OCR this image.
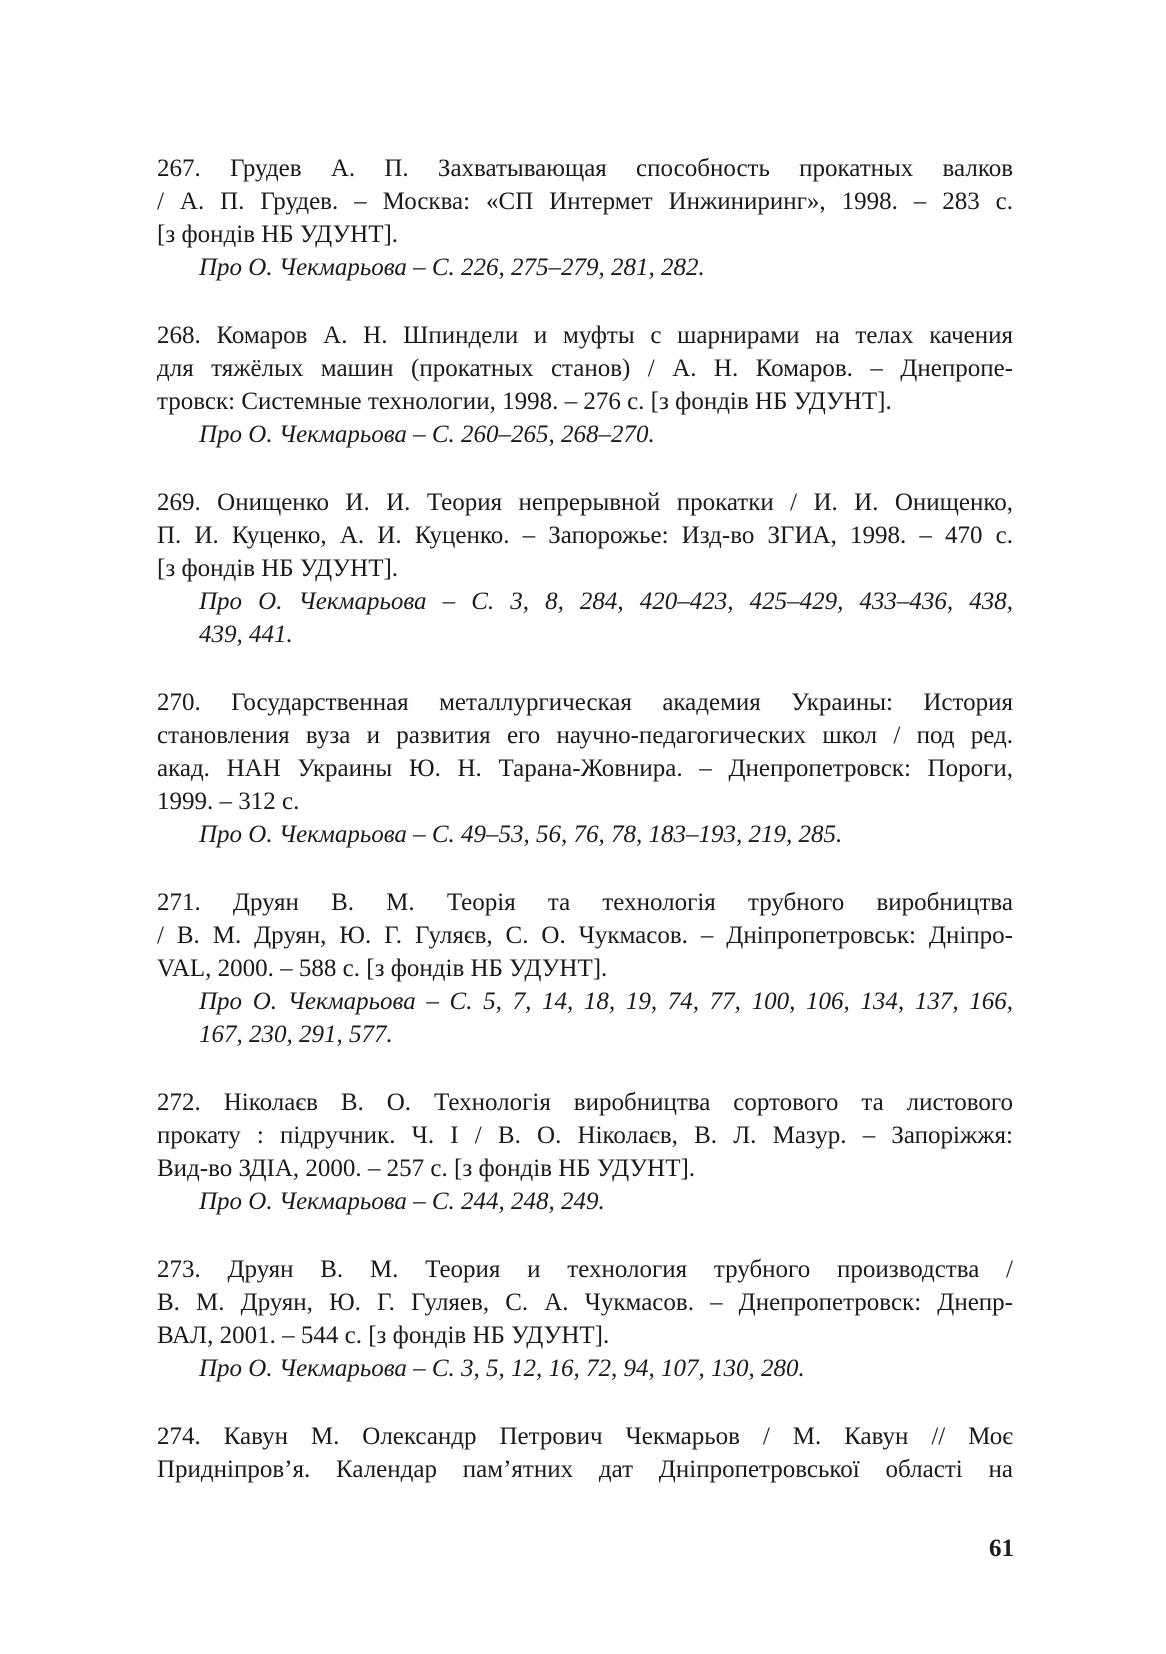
267. Грудев А. П. Захватывающая способность прокатных валков
/ А. П. Грудев. – Москва: «СП Интермет Инжиниринг», 1998. – 283 с.
[з фондів НБ УДУНТ].
Про О. Чекмарьова – С. 226, 275–279, 281, 282.
268. Комаров А. Н. Шпиндели и муфты с шарнирами на телах качения
для тяжёлых машин (прокатных станов) / А. Н. Комаров. – Днепропе-
тровск: Системные технологии, 1998. – 276 с. [з фондів НБ УДУНТ].
Про О. Чекмарьова – С. 260–265, 268–270.
269. Онищенко И. И. Теория непрерывной прокатки / И. И. Онищенко,
П. И. Куценко, А. И. Куценко. – Запорожье: Изд-во ЗГИА, 1998. – 470 с.
[з фондів НБ УДУНТ].
Про О. Чекмарьова – С. 3, 8, 284, 420–423, 425–429, 433–436, 438,
439, 441.
270. Государственная металлургическая академия Украины: История
становления вуза и развития его научно-педагогических школ / под ред.
акад. НАН Украины Ю. Н. Тарана-Жовнира. – Днепропетровск: Пороги,
1999. – 312 с.
Про О. Чекмарьова – С. 49–53, 56, 76, 78, 183–193, 219, 285.
271. Друян В. М. Теорія та технологія трубного виробництва
/ В. М. Друян, Ю. Г. Гуляєв, С. О. Чукмасов. – Дніпропетровськ: Дніпро-
VAL, 2000. – 588 с. [з фондів НБ УДУНТ].
Про О. Чекмарьова – С. 5, 7, 14, 18, 19, 74, 77, 100, 106, 134, 137, 166,
167, 230, 291, 577.
272. Ніколаєв В. О. Технологія виробництва сортового та листового
прокату : підручник. Ч. І / В. О. Ніколаєв, В. Л. Мазур. – Запоріжжя:
Вид-во ЗДІА, 2000. – 257 с. [з фондів НБ УДУНТ].
Про О. Чекмарьова – С. 244, 248, 249.
273. Друян В. М. Теория и технология трубного производства /
В. М. Друян, Ю. Г. Гуляев, С. А. Чукмасов. – Днепропетровск: Днепр-
ВАЛ, 2001. – 544 с. [з фондів НБ УДУНТ].
Про О. Чекмарьова – С. 3, 5, 12, 16, 72, 94, 107, 130, 280.
274. Кавун М. Олександр Петрович Чекмарьов / М. Кавун // Моє
Придніпров’я. Календар пам’ятних дат Дніпропетровської області на
61
